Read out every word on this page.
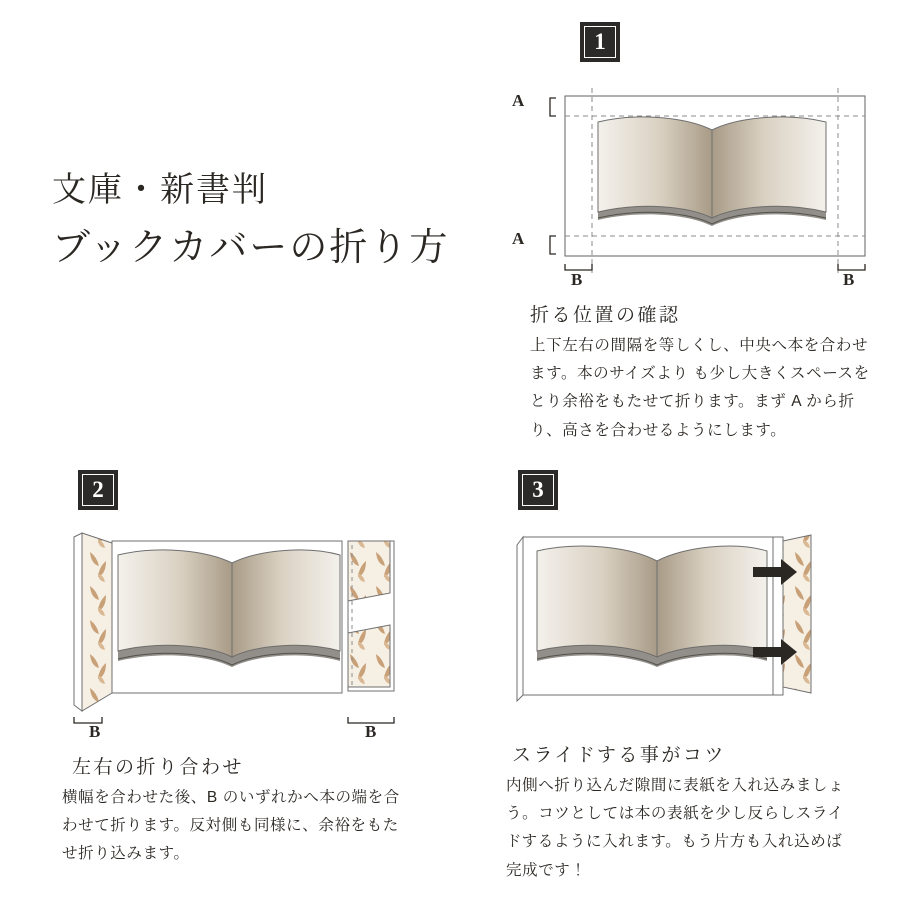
文庫・新書判
ブックカバーの折り方
1
A
A
B	B
折る位置の確認
上下左右の間隔を等しくし、中央へ本を合わせます。本のサイズより も少し大きくスペースをとり余裕をもたせて折ります。まず A から折り、高さを合わせるようにします。
2
B	B
左右の折り合わせ
横幅を合わせた後、B のいずれかへ本の端を合わせて折ります。反対側も同様に、余裕をもたせ折り込みます。
3
スライドする事がコツ
内側へ折り込んだ隙間に表紙を入れ込みましょう。コツとしては本の表紙を少し反らしスライドするように入れます。もう片方も入れ込めば完成です！
